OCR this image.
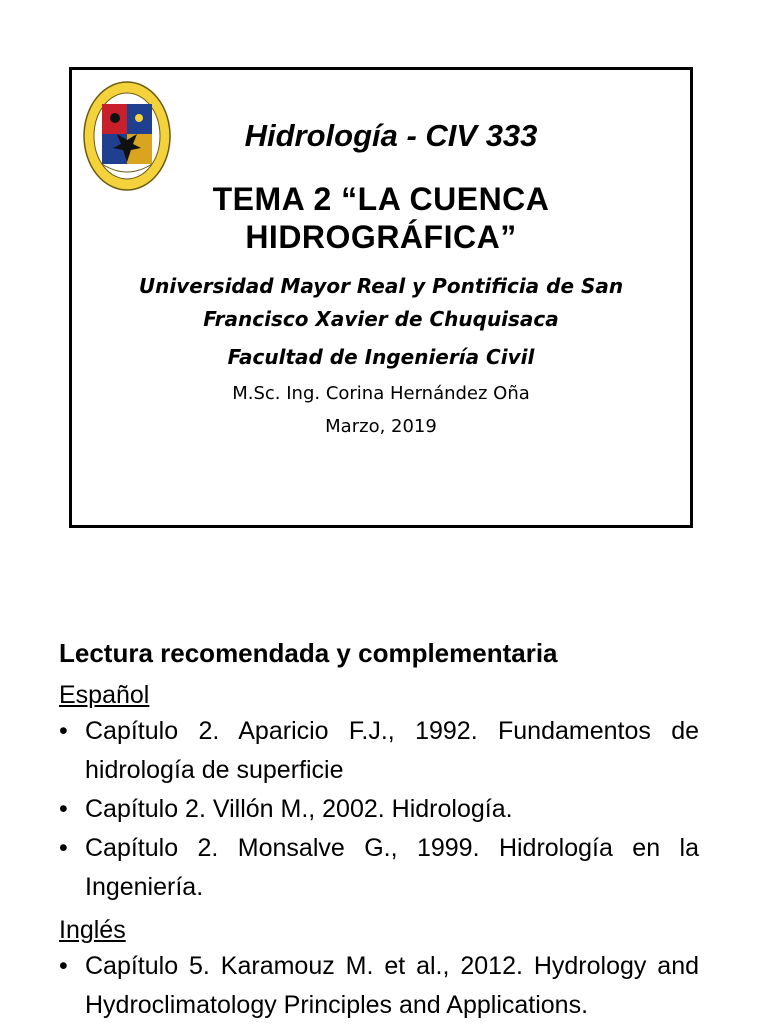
Hidrología - CIV 333
TEMA 2 “LA CUENCA
HIDROGRÁFICA”
Universidad Mayor Real y Pontificia de San
Francisco Xavier de Chuquisaca
Facultad de Ingeniería Civil
M.Sc. Ing. Corina Hernández Oña
Marzo, 2019
Lectura recomendada y complementaria
Español
• Capítulo 2. Aparicio F.J., 1992. Fundamentos de hidrología de superficie
• Capítulo 2. Villón M., 2002. Hidrología.
• Capítulo 2. Monsalve G., 1999. Hidrología en la Ingeniería.
Inglés
• Capítulo 5. Karamouz M. et al., 2012. Hydrology and Hydroclimatology Principles and Applications.
